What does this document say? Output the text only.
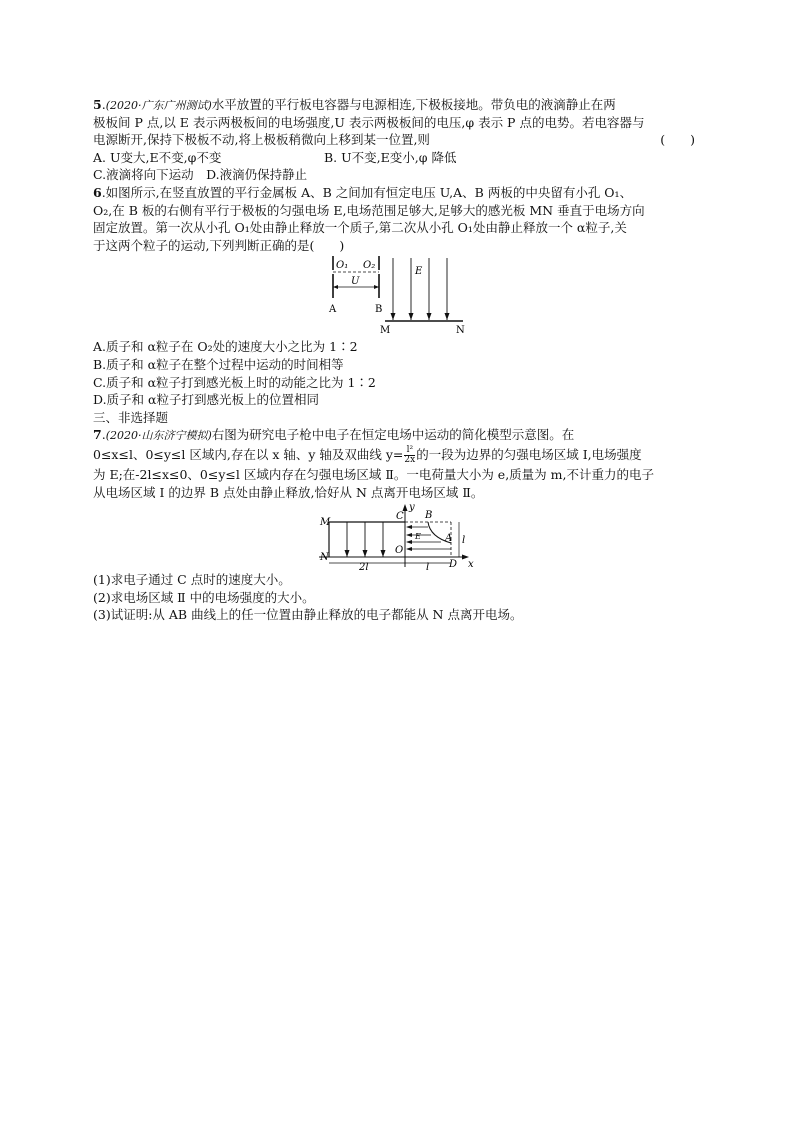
5.(2020·广东广州测试)水平放置的平行板电容器与电源相连,下极板接地。带负电的液滴静止在两
极板间 P 点,以 E 表示两极板间的电场强度,U 表示两极板间的电压,φ 表示 P 点的电势。若电容器与
电源断开,保持下极板不动,将上极板稍微向上移到某一位置,则	(　　)
A. U变大,E不变,φ不变	B. U不变,E变小,φ 降低
C.液滴将向下运动　D.液滴仍保持静止
6.如图所示,在竖直放置的平行金属板 A、B 之间加有恒定电压 U,A、B 两板的中央留有小孔 O₁、
O₂,在 B 板的右侧有平行于极板的匀强电场 E,电场范围足够大,足够大的感光板 MN 垂直于电场方向
固定放置。第一次从小孔 O₁处由静止释放一个质子,第二次从小孔 O₁处由静止释放一个 α粒子,关
于这两个粒子的运动,下列判断正确的是(　　)
O₁ O₂
U
A	B
E
M	N
A.质子和 α粒子在 O₂处的速度大小之比为 1∶2
B.质子和 α粒子在整个过程中运动的时间相等
C.质子和 α粒子打到感光板上时的动能之比为 1∶2
D.质子和 α粒子打到感光板上的位置相同
三、非选择题
7.(2020·山东济宁模拟)右图为研究电子枪中电子在恒定电场中运动的简化模型示意图。在
0≤x≤l、0≤y≤l 区域内,存在以 x 轴、y 轴及双曲线 $y= \frac{\text{l²}}{2x}$ 的一段为边界的匀强电场区域 Ⅰ,电场强度
为 E;在-2l≤x≤0、0≤y≤l 区域内存在匀强电场区域 Ⅱ。一电荷量大小为 e,质量为 m,不计重力的电子
从电场区域 Ⅰ 的边界 B 点处由静止释放,恰好从 N 点离开电场区域 Ⅱ。
M
N
C B
E A
O
D
y
x
2l	l
l
(1)求电子通过 C 点时的速度大小。
(2)求电场区域 Ⅱ 中的电场强度的大小。
(3)试证明:从 AB 曲线上的任一位置由静止释放的电子都能从 N 点离开电场。
